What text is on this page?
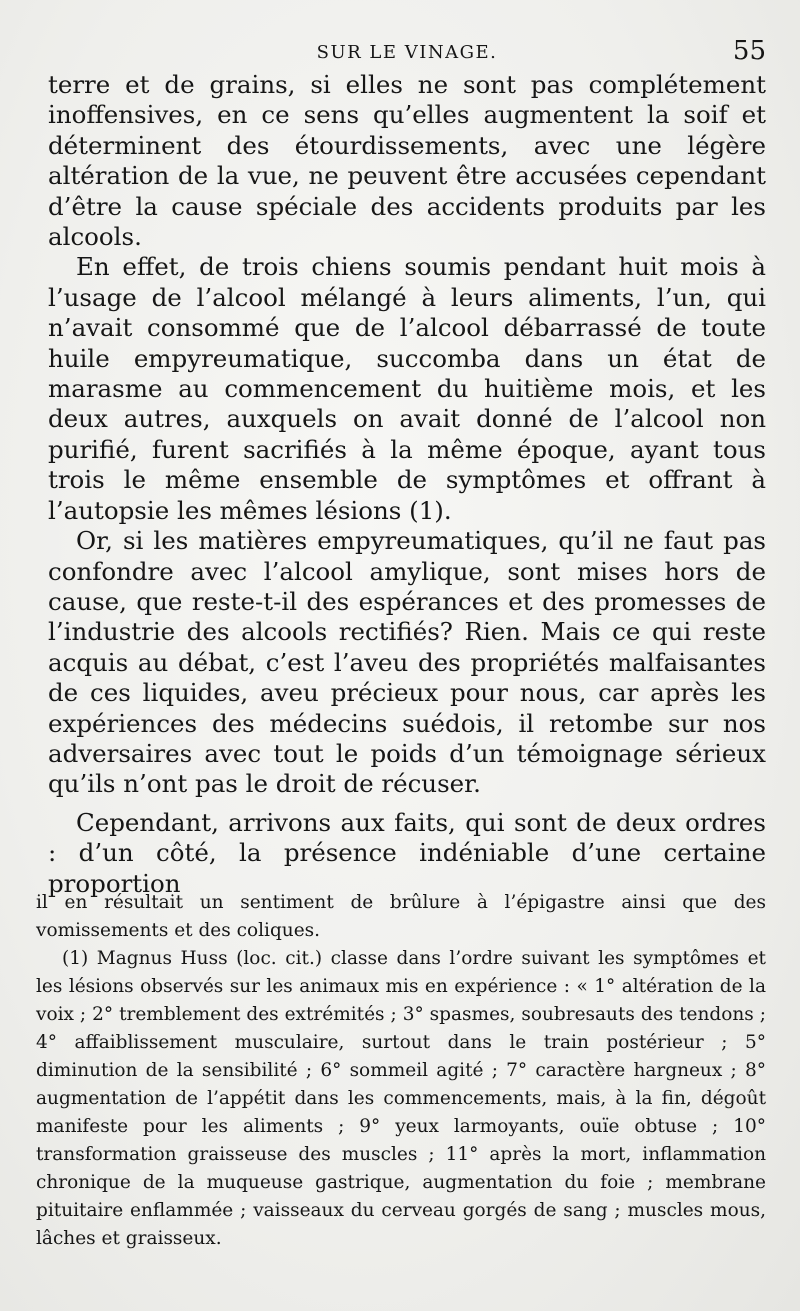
SUR LE VINAGE.	55

terre et de grains, si elles ne sont pas complétement inoffensives, en ce sens qu’elles augmentent la soif et déterminent des étourdissements, avec une légère altération de la vue, ne peuvent être accusées cependant d’être la cause spéciale des accidents produits par les alcools.

En effet, de trois chiens soumis pendant huit mois à l’usage de l’alcool mélangé à leurs aliments, l’un, qui n’avait consommé que de l’alcool débarrassé de toute huile empyreumatique, succomba dans un état de marasme au commencement du huitième mois, et les deux autres, auxquels on avait donné de l’alcool non purifié, furent sacrifiés à la même époque, ayant tous trois le même ensemble de symptômes et offrant à l’autopsie les mêmes lésions (1).

Or, si les matières empyreumatiques, qu’il ne faut pas confondre avec l’alcool amylique, sont mises hors de cause, que reste-t-il des espérances et des promesses de l’industrie des alcools rectifiés? Rien. Mais ce qui reste acquis au débat, c’est l’aveu des propriétés malfaisantes de ces liquides, aveu précieux pour nous, car après les expériences des médecins suédois, il retombe sur nos adversaires avec tout le poids d’un témoignage sérieux qu’ils n’ont pas le droit de récuser.

Cependant, arrivons aux faits, qui sont de deux ordres : d’un côté, la présence indéniable d’une certaine proportion

il en résultait un sentiment de brûlure à l’épigastre ainsi que des vomissements et des coliques.

(1) Magnus Huss (loc. cit.) classe dans l’ordre suivant les symptômes et les lésions observés sur les animaux mis en expérience : « 1° altération de la voix ; 2° tremblement des extrémités ; 3° spasmes, soubresauts des tendons ; 4° affaiblissement musculaire, surtout dans le train postérieur ; 5° diminution de la sensibilité ; 6° sommeil agité ; 7° caractère hargneux ; 8° augmentation de l’appétit dans les commencements, mais, à la fin, dégoût manifeste pour les aliments ; 9° yeux larmoyants, ouïe obtuse ; 10° transformation graisseuse des muscles ; 11° après la mort, inflammation chronique de la muqueuse gastrique, augmentation du foie ; membrane pituitaire enflammée ; vaisseaux du cerveau gorgés de sang ; muscles mous, lâches et graisseux.
